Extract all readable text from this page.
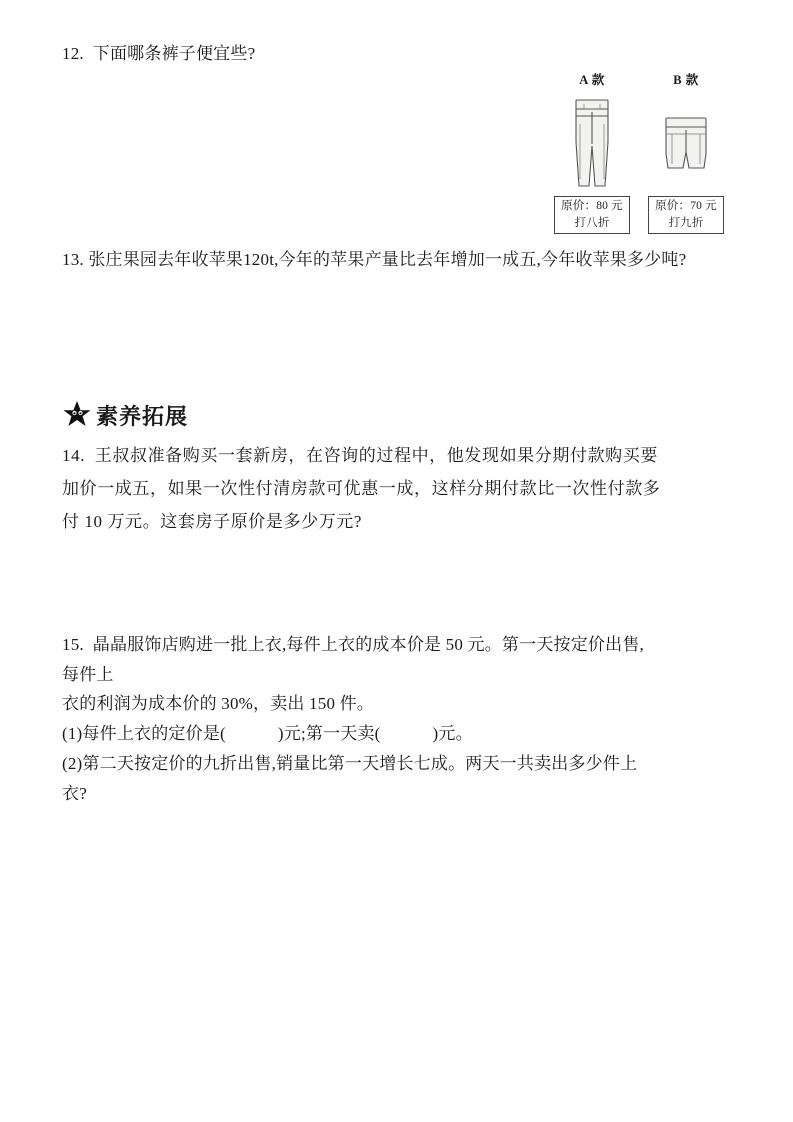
12. 下面哪条裤子便宜些?
A 款
原价：80 元
打八折
B 款
原价：70 元
打九折
13. 张庄果园去年收苹果120t,今年的苹果产量比去年增加一成五,今年收苹果多少吨?
素养拓展

14. 王叔叔准备购买一套新房，在咨询的过程中，他发现如果分期付款购买要

加价一成五，如果一次性付清房款可优惠一成，这样分期付款比一次性付款多

付 10 万元。这套房子原价是多少万元?

15. 晶晶服饰店购进一批上衣,每件上衣的成本价是 50 元。第一天按定价出售,

每件上

衣的利润为成本价的 30%，卖出 150 件。

(1)每件上衣的定价是(	)元;第一天卖(	)元。

(2)第二天按定价的九折出售,销量比第一天增长七成。两天一共卖出多少件上

衣?
